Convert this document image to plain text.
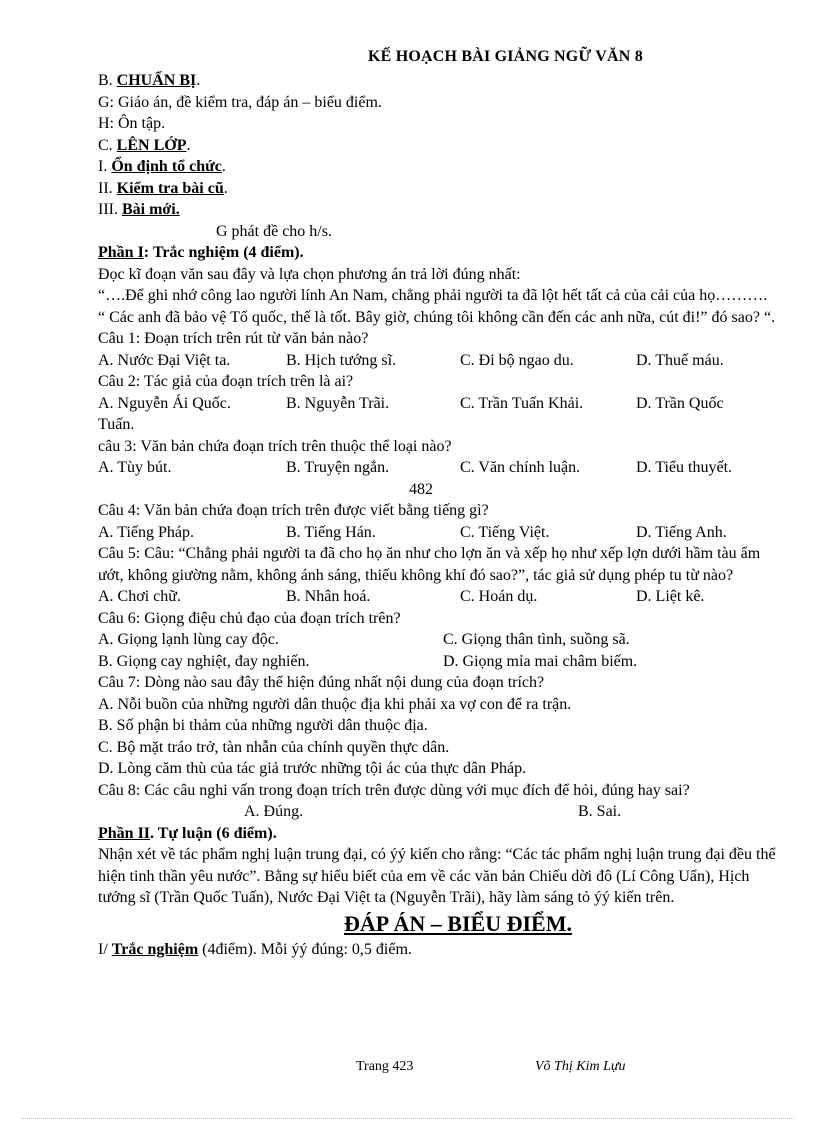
KẾ HOẠCH BÀI GIẢNG NGỮ VĂN 8
B. CHUẨN BỊ.
G: Giáo án, đề kiểm tra, đáp án – biểu điểm.
H: Ôn tập.
C. LÊN LỚP.
I. Ổn định tổ chức.
II. Kiểm tra bài cũ.
III. Bài mới.
G phát đề cho h/s.
Phần I: Trắc nghiệm (4 điểm).
Đọc kĩ đoạn văn sau đây và lựa chọn phương án trả lời đúng nhất:
“….Để ghi nhớ công lao người lính An Nam, chẳng phải người ta đã lột hết tất cả của cải của họ………. “ Các anh đã bảo vệ Tổ quốc, thế là tốt. Bây giờ, chúng tôi không cần đến các anh nữa, cút đi!” đó sao? “.
Câu 1: Đoạn trích trên rút từ văn bản nào?
A. Nước Đại Việt ta.	B. Hịch tướng sĩ.	C. Đi bộ ngao du.	D. Thuế máu.
Câu 2: Tác giả của đoạn trích trên là ai?
A. Nguyễn Ái Quốc.	B. Nguyễn Trãi.	C. Trần Tuấn Khải.	D. Trần Quốc
Tuấn.
câu 3: Văn bản chứa đoạn trích trên thuộc thể loại nào?
A. Tùy bút.	B. Truyện ngắn.	C. Văn chính luận.	D. Tiểu thuyết.
482
Câu 4: Văn bản chứa đoạn trích trên được viết bằng tiếng gì?
A. Tiếng Pháp.	B. Tiếng Hán.	C. Tiếng Việt.	D. Tiếng Anh.
Câu 5: Câu: “Chẳng phải người ta đã cho họ ăn như cho lợn ăn và xếp họ như xếp lợn dưới hầm tàu ẩm ướt, không giường nằm, không ánh sáng, thiếu không khí đó sao?”, tác giả sử dụng phép tu từ nào?
A. Chơi chữ.	B. Nhân hoá.	C. Hoán dụ.	D. Liệt kê.
Câu 6: Giọng điệu chủ đạo của đoạn trích trên?
A. Giọng lạnh lùng cay độc.	C. Giọng thân tình, suồng sã.
B. Giọng cay nghiệt, đay nghiến.	D. Giọng mỉa mai châm biếm.
Câu 7: Dòng nào sau đây thể hiện đúng nhất nội dung của đoạn trích?
A. Nỗi buồn của những người dân thuộc địa khi phải xa vợ con để ra trận.
B. Số phận bi thảm của những người dân thuộc địa.
C. Bộ mặt tráo trở, tàn nhẫn của chính quyền thực dân.
D. Lòng căm thù của tác giả trước những tội ác của thực dân Pháp.
Câu 8: Các câu nghi vấn trong đoạn trích trên được dùng với mục đích để hỏi, đúng hay sai?
A. Đúng.	B. Sai.
Phần II. Tự luận (6 điểm).
Nhận xét về tác phẩm nghị luận trung đại, có ýý kiến cho rằng: “Các tác phẩm nghị luận trung đại đều thể hiện tinh thần yêu nước”. Bằng sự hiểu biết của em về các văn bản Chiếu dời đô (Lí Công Uẩn), Hịch tướng sĩ (Trần Quốc Tuấn), Nước Đại Việt ta (Nguyễn Trãi), hãy làm sáng tỏ ýý kiến trên.
ĐÁP ÁN – BIỂU ĐIỂM.
I/ Trắc nghiệm (4điểm). Mỗi ýý đúng: 0,5 điểm.
Trang 423	Võ Thị Kim Lựu
